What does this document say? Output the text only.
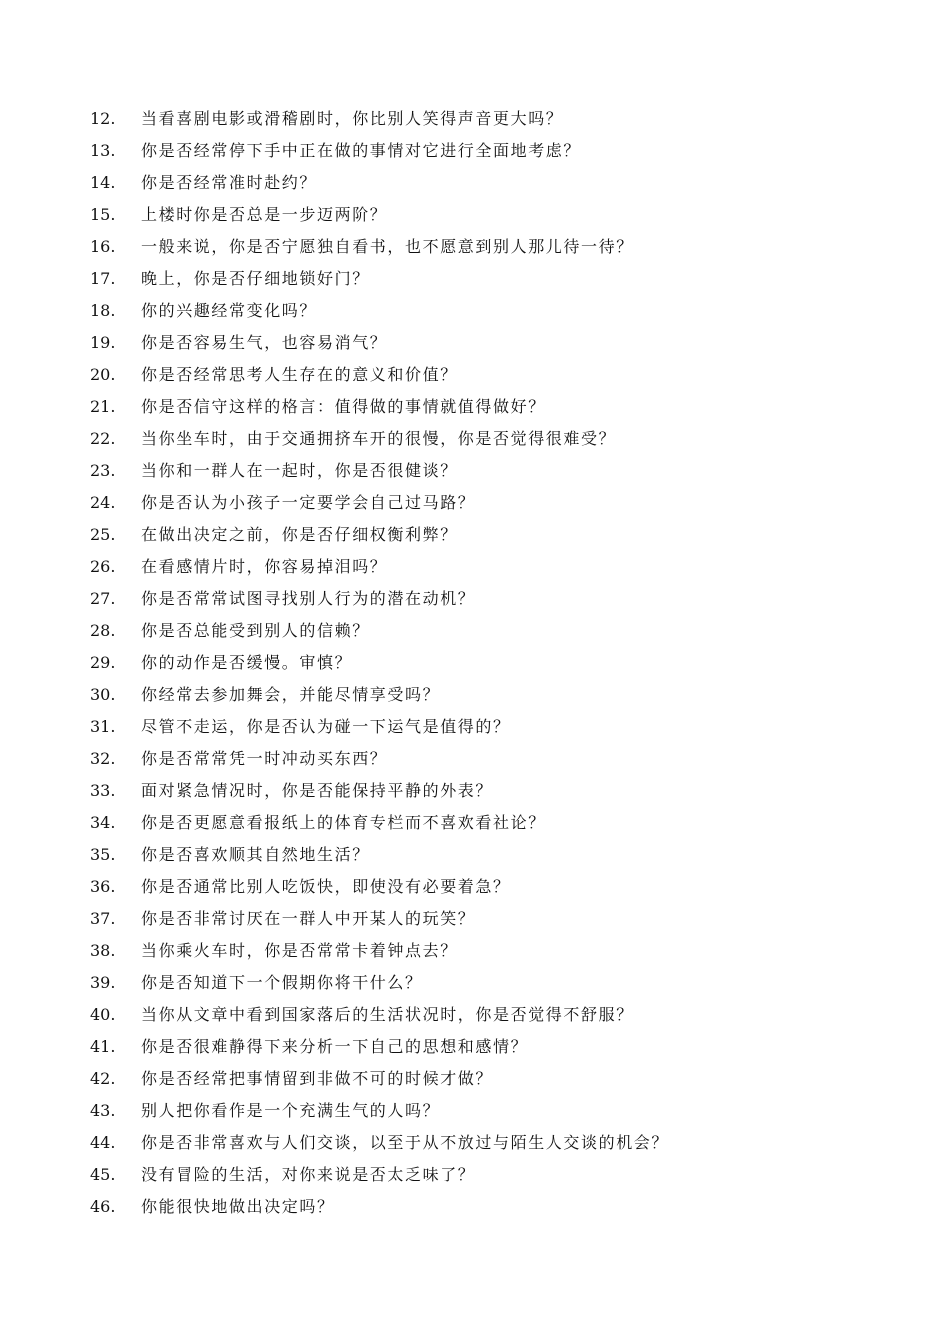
12. 当看喜剧电影或滑稽剧时，你比别人笑得声音更大吗？
13. 你是否经常停下手中正在做的事情对它进行全面地考虑？
14. 你是否经常准时赴约？
15. 上楼时你是否总是一步迈两阶？
16. 一般来说，你是否宁愿独自看书，也不愿意到别人那儿待一待？
17. 晚上，你是否仔细地锁好门？
18. 你的兴趣经常变化吗？
19. 你是否容易生气，也容易消气？
20. 你是否经常思考人生存在的意义和价值？
21. 你是否信守这样的格言：值得做的事情就值得做好？
22. 当你坐车时，由于交通拥挤车开的很慢，你是否觉得很难受？
23. 当你和一群人在一起时，你是否很健谈？
24. 你是否认为小孩子一定要学会自己过马路？
25. 在做出决定之前，你是否仔细权衡利弊？
26. 在看感情片时，你容易掉泪吗？
27. 你是否常常试图寻找别人行为的潜在动机？
28. 你是否总能受到别人的信赖？
29. 你的动作是否缓慢。审慎？
30. 你经常去参加舞会，并能尽情享受吗？
31. 尽管不走运，你是否认为碰一下运气是值得的？
32. 你是否常常凭一时冲动买东西？
33. 面对紧急情况时，你是否能保持平静的外表？
34. 你是否更愿意看报纸上的体育专栏而不喜欢看社论？
35. 你是否喜欢顺其自然地生活？
36. 你是否通常比别人吃饭快，即使没有必要着急？
37. 你是否非常讨厌在一群人中开某人的玩笑？
38. 当你乘火车时，你是否常常卡着钟点去？
39. 你是否知道下一个假期你将干什么？
40. 当你从文章中看到国家落后的生活状况时，你是否觉得不舒服？
41. 你是否很难静得下来分析一下自己的思想和感情？
42. 你是否经常把事情留到非做不可的时候才做？
43. 别人把你看作是一个充满生气的人吗？
44. 你是否非常喜欢与人们交谈，以至于从不放过与陌生人交谈的机会？
45. 没有冒险的生活，对你来说是否太乏味了？
46. 你能很快地做出决定吗？
